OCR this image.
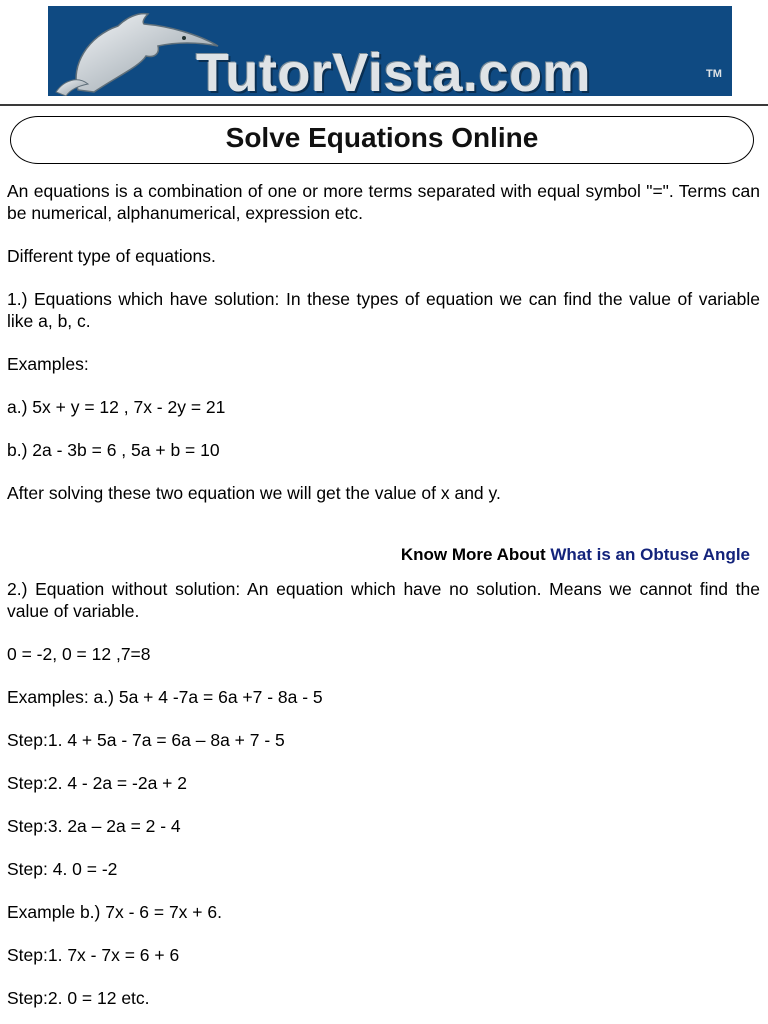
TutorVista.com	TM
Solve Equations Online

An equations is a combination of one or more terms separated with equal symbol "=". Terms can be numerical, alphanumerical, expression etc.

Different type of equations.

1.) Equations which have solution: In these types of equation we can find the value of variable like a, b, c.

Examples:

a.) 5x + y = 12 , 7x - 2y = 21

b.) 2a - 3b = 6 , 5a + b = 10

After solving these two equation we will get the value of x and y.

Know More About What is an Obtuse Angle

2.) Equation without solution: An equation which have no solution. Means we cannot find the value of variable.

0 = -2, 0 = 12 ,7=8

Examples: a.) 5a + 4 -7a = 6a +7 - 8a - 5

Step:1. 4 + 5a - 7a = 6a – 8a + 7 - 5

Step:2. 4 - 2a = -2a + 2

Step:3. 2a – 2a = 2 - 4

Step: 4. 0 = -2

Example b.) 7x - 6 = 7x + 6.

Step:1. 7x - 7x = 6 + 6

Step:2. 0 = 12 etc.
